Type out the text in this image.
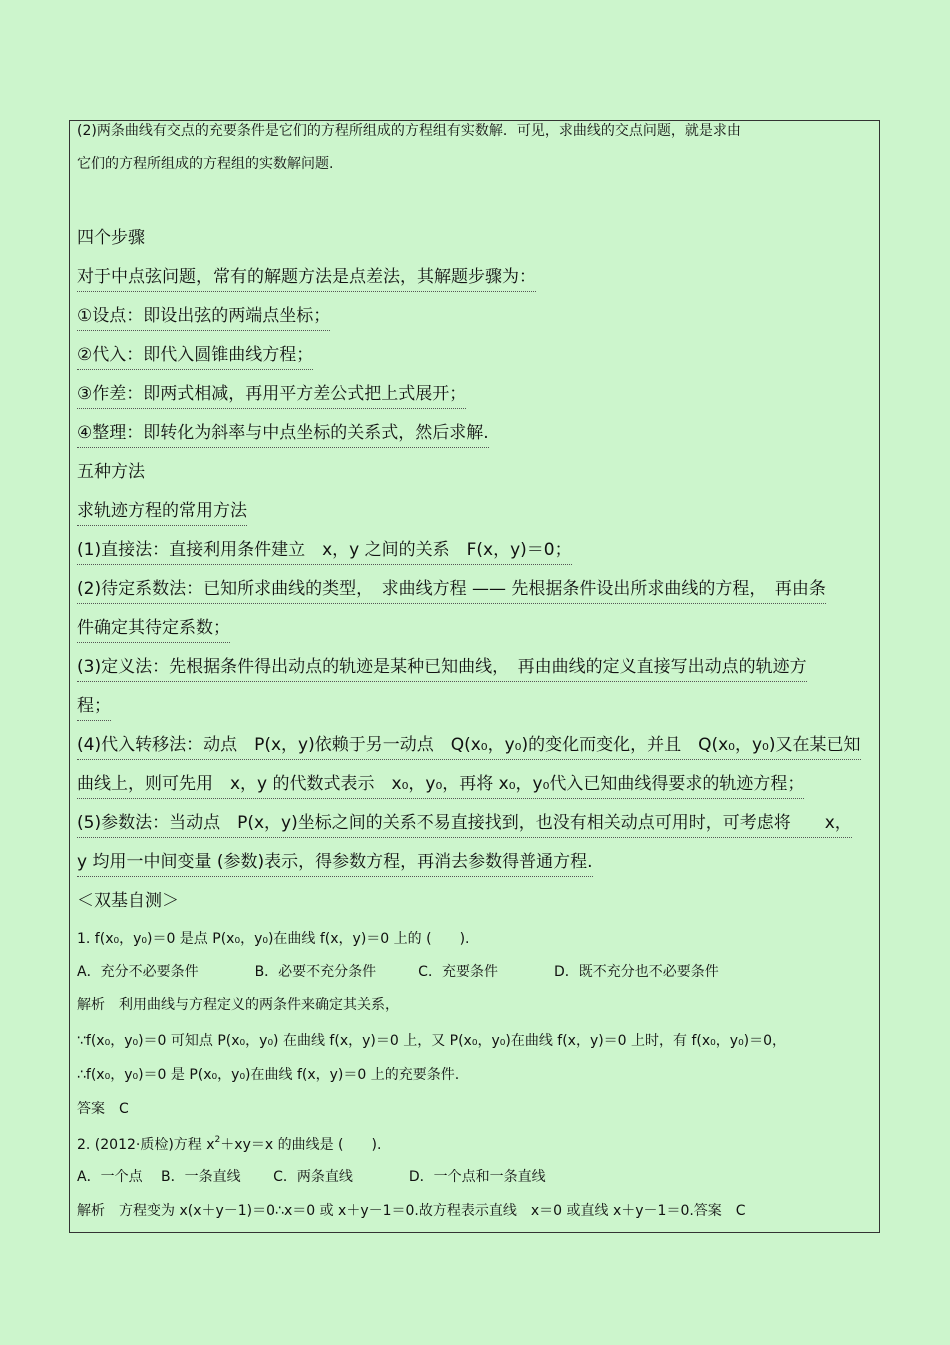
(2)两条曲线有交点的充要条件是它们的方程所组成的方程组有实数解．可见，求曲线的交点问题，就是求由
它们的方程所组成的方程组的实数解问题.
四个步骤
对于中点弦问题，常有的解题方法是点差法，其解题步骤为：
①设点：即设出弦的两端点坐标；
②代入：即代入圆锥曲线方程；
③作差：即两式相减，再用平方差公式把上式展开；
④整理：即转化为斜率与中点坐标的关系式，然后求解.
五种方法
求轨迹方程的常用方法
(1)直接法：直接利用条件建立　x，y 之间的关系　F(x，y)＝0；
(2)待定系数法：已知所求曲线的类型，　求曲线方程 —— 先根据条件设出所求曲线的方程，　再由条
件确定其待定系数；
(3)定义法：先根据条件得出动点的轨迹是某种已知曲线，　再由曲线的定义直接写出动点的轨迹方
程；
(4)代入转移法：动点　P(x，y)依赖于另一动点　Q(x₀，y₀)的变化而变化，并且　Q(x₀，y₀)又在某已知
曲线上，则可先用　x，y 的代数式表示　x₀，y₀，再将 x₀，y₀代入已知曲线得要求的轨迹方程；
(5)参数法：当动点　P(x，y)坐标之间的关系不易直接找到，也没有相关动点可用时，可考虑将　　x，
y 均用一中间变量 (参数)表示，得参数方程，再消去参数得普通方程.
＜双基自测＞
1. f(x₀，y₀)＝0 是点 P(x₀，y₀)在曲线 f(x，y)＝0 上的 (　　).
A．充分不必要条件　　　　B．必要不充分条件　　　C．充要条件　　　　D．既不充分也不必要条件
解析　利用曲线与方程定义的两条件来确定其关系，
∵f(x₀，y₀)＝0 可知点 P(x₀，y₀) 在曲线 f(x，y)＝0 上，又 P(x₀，y₀)在曲线 f(x，y)＝0 上时，有 f(x₀，y₀)＝0，
∴f(x₀，y₀)＝0 是 P(x₀，y₀)在曲线 f(x，y)＝0 上的充要条件.
答案　C
2. (2012·质检)方程 $x^2+xy=x$ 的曲线是 (　　).
A．一个点　 B．一条直线　　 C．两条直线　　　　D．一个点和一条直线
解析　方程变为 x(x＋y－1)＝0∴x＝0 或 x＋y－1＝0.故方程表示直线　x＝0 或直线 x＋y－1＝0.答案　C
